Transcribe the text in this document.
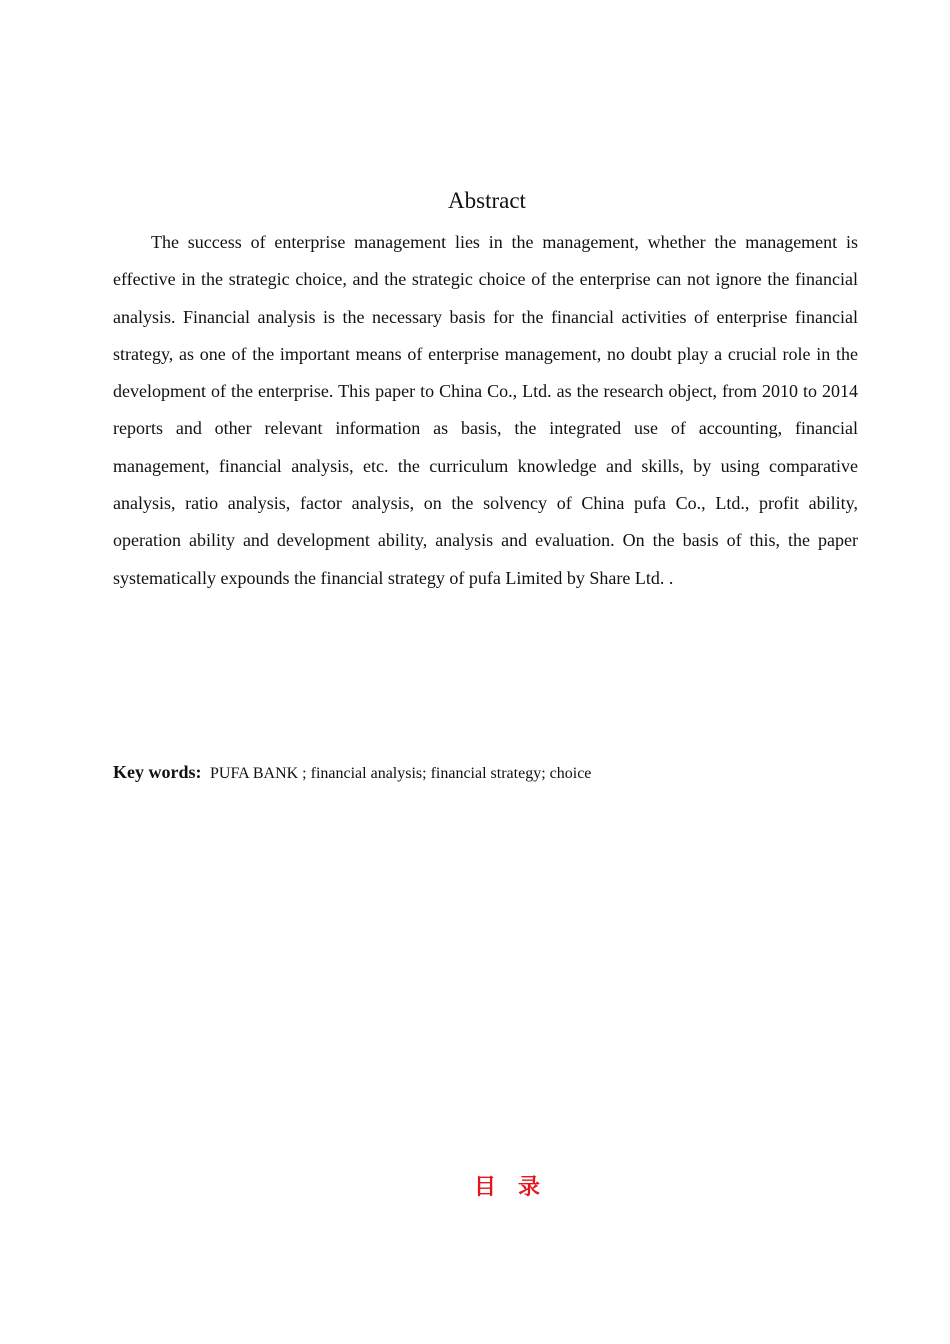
Abstract

The success of enterprise management lies in the management, whether the management is effective in the strategic choice, and the strategic choice of the enterprise can not ignore the financial analysis. Financial analysis is the necessary basis for the financial activities of enterprise financial strategy, as one of the important means of enterprise management, no doubt play a crucial role in the development of the enterprise. This paper to China Co., Ltd. as the research object, from 2010 to 2014 reports and other relevant information as basis, the integrated use of accounting, financial management, financial analysis, etc. the curriculum knowledge and skills, by using comparative analysis, ratio analysis, factor analysis, on the solvency of China pufa Co., Ltd., profit ability, operation ability and development ability, analysis and evaluation. On the basis of this, the paper systematically expounds the financial strategy of pufa Limited by Share Ltd. .

Key words: PUFA BANK ; financial analysis; financial strategy; choice
目录
